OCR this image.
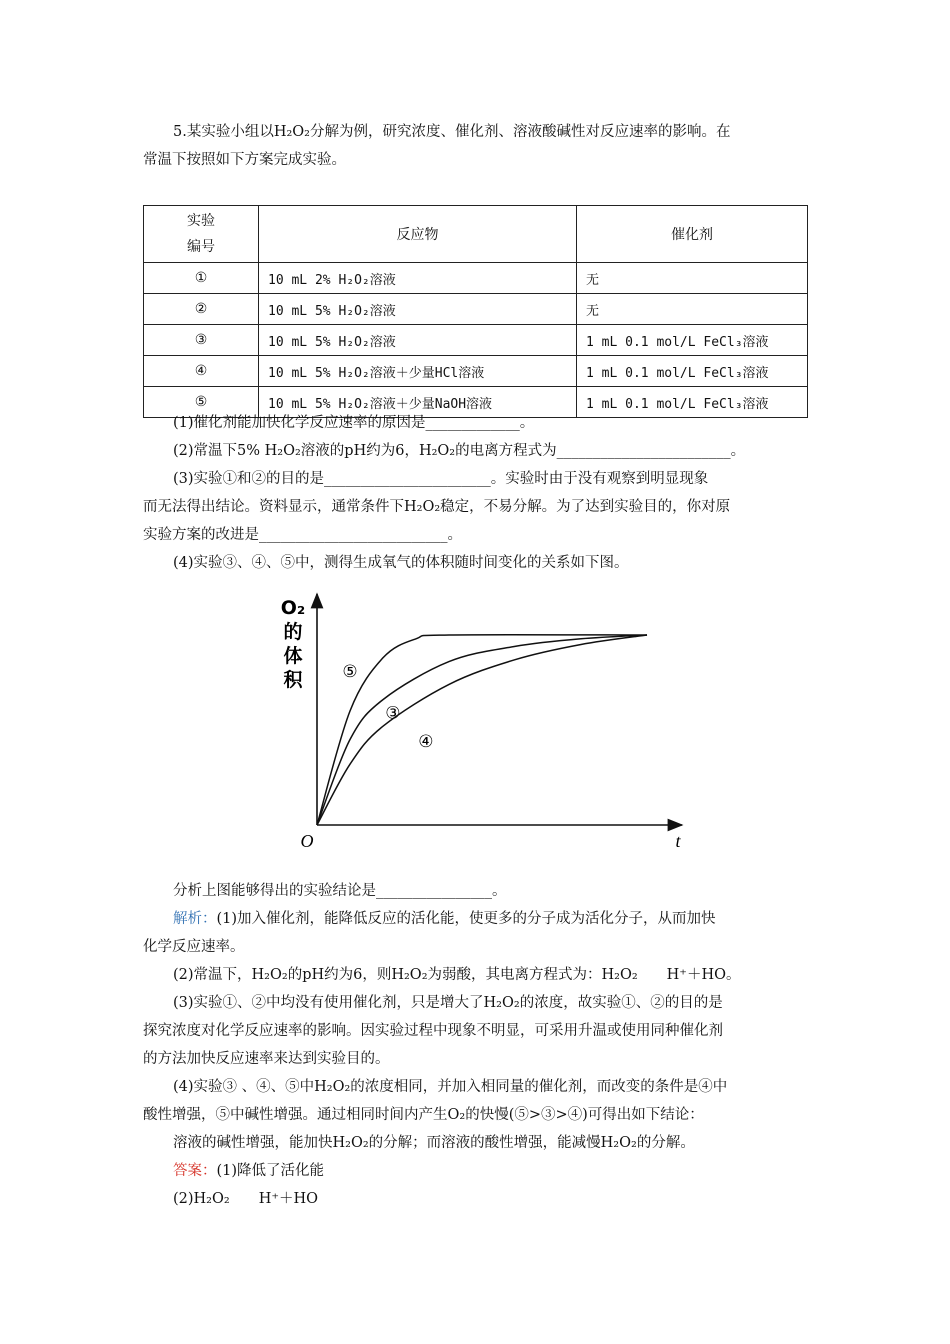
5.某实验小组以H₂O₂分解为例，研究浓度、催化剂、溶液酸碱性对反应速率的影响。在
常温下按照如下方案完成实验。
实验
编号	反应物	催化剂
①	10 mL 2% H₂O₂溶液	无
②	10 mL 5% H₂O₂溶液	无
③	10 mL 5% H₂O₂溶液	1 mL 0.1 mol/L FeCl₃溶液
④	10 mL 5% H₂O₂溶液＋少量HCl溶液	1 mL 0.1 mol/L FeCl₃溶液
⑤	10 mL 5% H₂O₂溶液＋少量NaOH溶液	1 mL 0.1 mol/L FeCl₃溶液
(1)催化剂能加快化学反应速率的原因是_____________。
(2)常温下5% H₂O₂溶液的pH约为6，H₂O₂的电离方程式为________________________。
(3)实验①和②的目的是_______________________。实验时由于没有观察到明显现象
而无法得出结论。资料显示，通常条件下H₂O₂稳定，不易分解。为了达到实验目的，你对原
实验方案的改进是__________________________。
(4)实验③、④、⑤中，测得生成氧气的体积随时间变化的关系如下图。
O₂
的
体
积
O	t
⑤
③
④
分析上图能够得出的实验结论是________________。
解析：(1)加入催化剂，能降低反应的活化能，使更多的分子成为活化分子，从而加快
化学反应速率。
(2)常温下，H₂O₂的pH约为6，则H₂O₂为弱酸，其电离方程式为：H₂O₂　　H⁺＋HO。
(3)实验①、②中均没有使用催化剂，只是增大了H₂O₂的浓度，故实验①、②的目的是
探究浓度对化学反应速率的影响。因实验过程中现象不明显，可采用升温或使用同种催化剂
的方法加快反应速率来达到实验目的。
(4)实验③ 、④、⑤中H₂O₂的浓度相同，并加入相同量的催化剂，而改变的条件是④中
酸性增强，⑤中碱性增强。通过相同时间内产生O₂的快慢(⑤>③>④)可得出如下结论：
溶液的碱性增强，能加快H₂O₂的分解；而溶液的酸性增强，能减慢H₂O₂的分解。
答案：(1)降低了活化能
(2)H₂O₂　　H⁺＋HO
